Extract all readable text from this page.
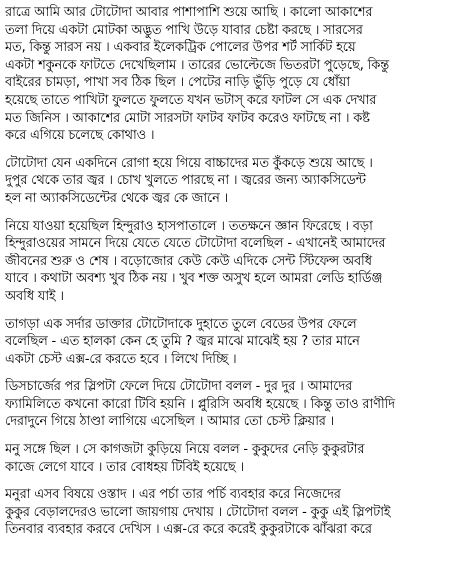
রাত্রে আমি আর টোটোদা আবার পাশাপাশি শুয়ে আছি । কালো আকাশের
তলা দিয়ে একটা মোটকা অদ্ভুত পাখি উড়ে যাবার চেষ্টা করছে । সারসের
মত, কিন্তু সারস নয় । একবার ইলেকট্রিক পোলের উপর শর্ট সার্কিট হয়ে
একটা শকুনকে ফাটতে দেখেছিলাম । তারের ভোল্টেজে ভিতরটা পুড়েছে, কিন্তু
বাইরের চামড়া, পাখা সব ঠিক ছিল । পেটের নাড়ি ভুঁড়ি পুড়ে যে ধোঁয়া
হয়েছে তাতে পাখিটা ফুলতে ফুলতে যখন ভটাস্ করে ফাটল সে এক দেখার
মত জিনিস । আকাশের মোটা সারসটা ফাটব ফাটব করেও ফাটছে না । কষ্ট
করে এগিয়ে চলেছে কোথাও ।
টোটোদা যেন একদিনে রোগা হয়ে গিয়ে বাচ্চাদের মত কুঁকড়ে শুয়ে আছে ।
দুপুর থেকে তার জ্বর । চোখ খুলতে পারছে না । জ্বরের জন্য অ্যাকসিডেন্ট
হল না অ্যাকসিডেন্টের থেকে জ্বর কে জানে ।
নিয়ে যাওয়া হয়েছিল হিন্দুরাও হাসপাতালে । ততক্ষনে জ্ঞান ফিরেছে । বড়া
হিন্দুরাওয়ের সামনে দিয়ে যেতে যেতে টোটোদা বলেছিল - এখানেই আমাদের
জীবনের শুরু ও শেষ । বড়োজোর কেউ কেউ এদিকে সেন্ট স্টিফেন্স অবধি
যাবে । কথাটা অবশ্য খুব ঠিক নয় । খুব শক্ত অসুখ হলে আমরা লেডি হার্ডিঞ্জ
অবধি যাই ।
তাগড়া এক সর্দার ডাক্তার টোটোদাকে দুহাতে তুলে বেডের উপর ফেলে
বলেছিল - এত হালকা কেন হে তুমি ? জ্বর মাঝে মাঝেই হয় ? তার মানে
একটা চেস্ট এক্স-রে করতে হবে । লিখে দিচ্ছি ।
ডিসচার্জের পর স্লিপটা ফেলে দিয়ে টোটোদা বলল - দুর দুর । আমাদের
ফ্যামিলিতে কখনো কারো টিবি হয়নি । প্লুরিসি অবধি হয়েছে । কিন্তু তাও রাণীদি
দেরাদুনে গিয়ে ঠাণ্ডা লাগিয়ে এসেছিল । আমার তো চেস্ট ক্লিয়ার ।
মনু সঙ্গে ছিল । সে কাগজটা কুড়িয়ে নিয়ে বলল - কুকুদের নেড়ি কুকুরটার
কাজে লেগে যাবে । তার বোধহয় টিবিই হয়েছে ।
মনুরা এসব বিষয়ে ওস্তাদ । এর পর্চা তার পর্চি ব্যবহার করে নিজেদের
কুকুর বেড়ালদেরও ভালো জায়গায় দেখায় । টোটোদা বলল - কুকু এই স্লিপটাই
তিনবার ব্যবহার করবে দেখিস । এক্স-রে করে করেই কুকুরটাকে ঝাঁঝরা করে
